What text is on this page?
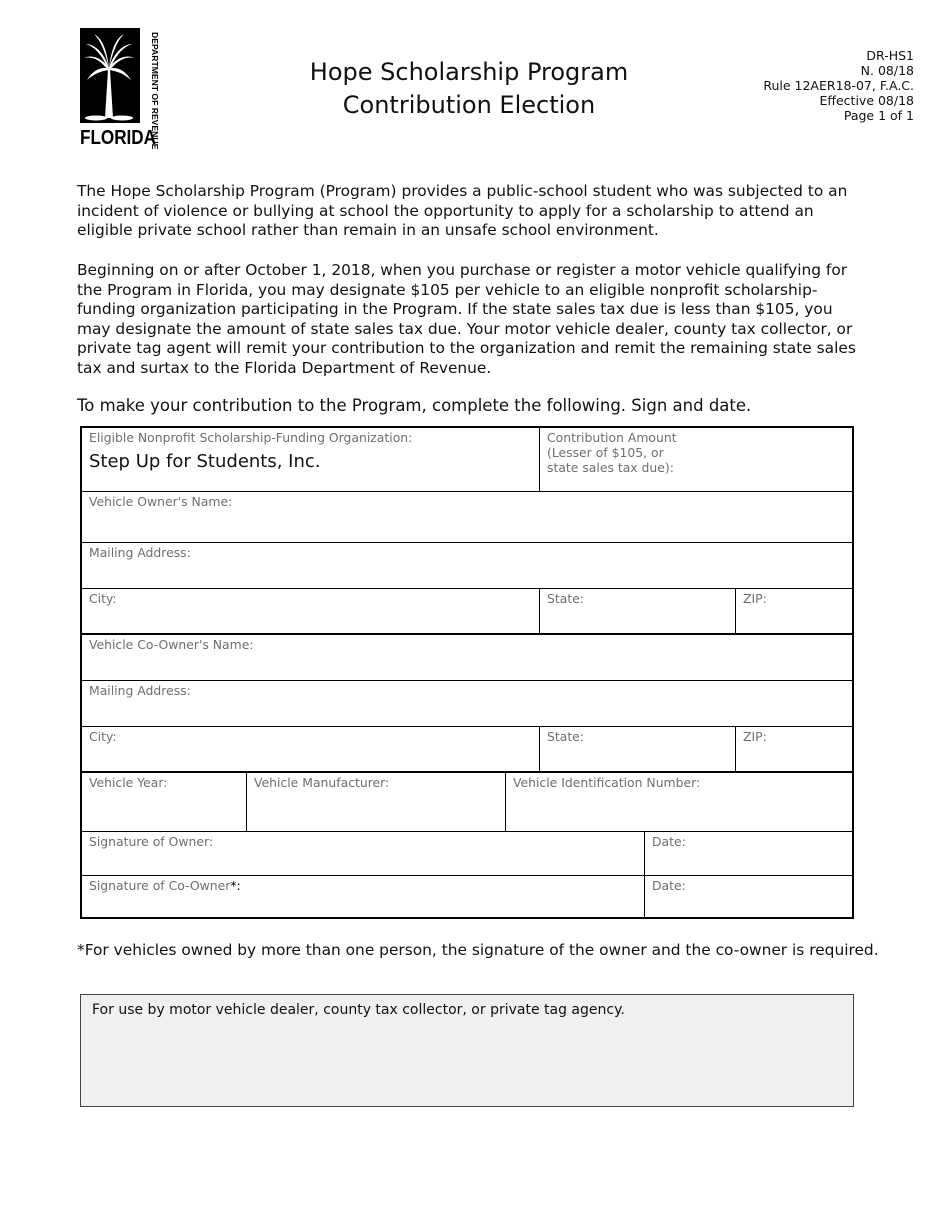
DEPARTMENT OF REVENUE
FLORIDA
Hope Scholarship Program
Contribution Election
DR-HS1
N. 08/18
Rule 12AER18-07, F.A.C.
Effective 08/18
Page 1 of 1

The Hope Scholarship Program (Program) provides a public-school student who was subjected to an incident of violence or bullying at school the opportunity to apply for a scholarship to attend an eligible private school rather than remain in an unsafe school environment.

Beginning on or after October 1, 2018, when you purchase or register a motor vehicle qualifying for the Program in Florida, you may designate $105 per vehicle to an eligible nonprofit scholarship-funding organization participating in the Program. If the state sales tax due is less than $105, you may designate the amount of state sales tax due. Your motor vehicle dealer, county tax collector, or private tag agent will remit your contribution to the organization and remit the remaining state sales tax and surtax to the Florida Department of Revenue.

To make your contribution to the Program, complete the following. Sign and date.

Eligible Nonprofit Scholarship-Funding Organization:
Step Up for Students, Inc.
Contribution Amount
(Lesser of $105, or
state sales tax due):
Vehicle Owner's Name:
Mailing Address:
City:	State:	ZIP:
Vehicle Co-Owner's Name:
Mailing Address:
City:	State:	ZIP:
Vehicle Year:	Vehicle Manufacturer:	Vehicle Identification Number:
Signature of Owner:	Date:
Signature of Co-Owner*:	Date:

*For vehicles owned by more than one person, the signature of the owner and the co-owner is required.

For use by motor vehicle dealer, county tax collector, or private tag agency.
